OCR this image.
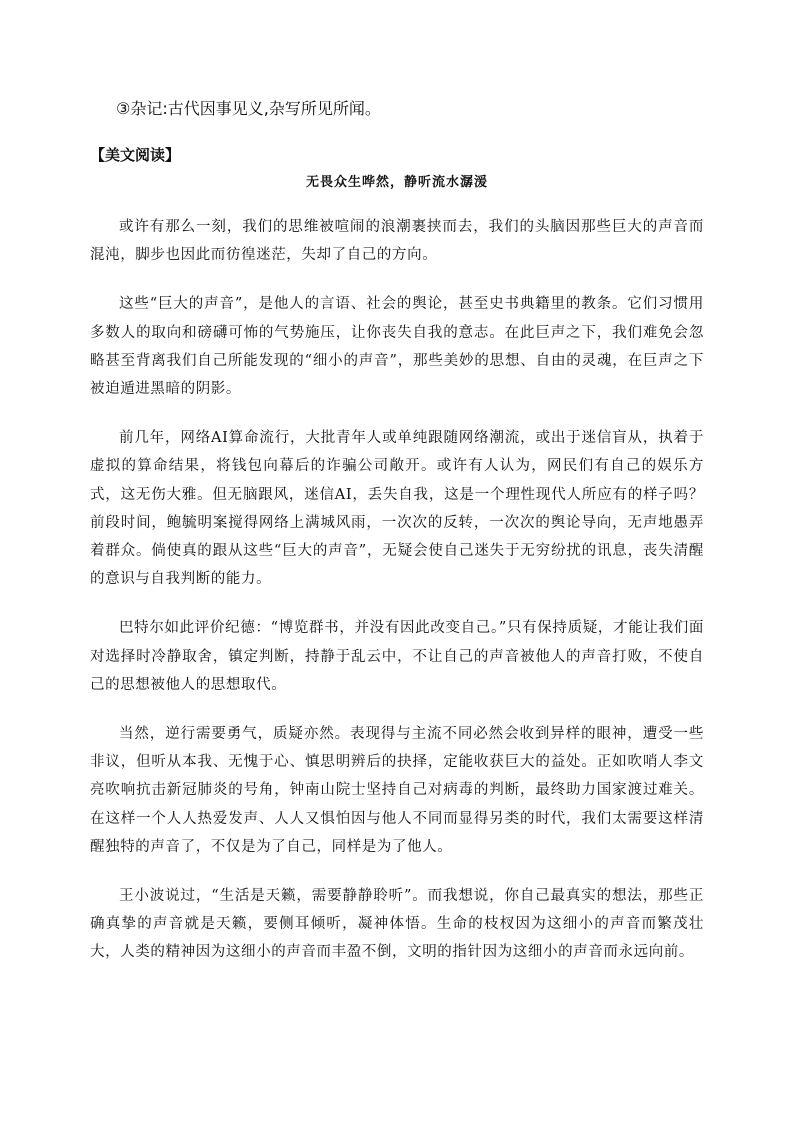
③杂记:古代因事见义,杂写所见所闻。
【美文阅读】
无畏众生哗然，静听流水潺湲

或许有那么一刻，我们的思维被喧闹的浪潮裹挟而去，我们的头脑因那些巨大的声音而混沌，脚步也因此而彷徨迷茫，失却了自己的方向。

这些“巨大的声音”，是他人的言语、社会的舆论，甚至史书典籍里的教条。它们习惯用多数人的取向和磅礴可怖的气势施压，让你丧失自我的意志。在此巨声之下，我们难免会忽略甚至背离我们自己所能发现的“细小的声音”，那些美妙的思想、自由的灵魂，在巨声之下被迫遁进黑暗的阴影。

前几年，网络AI算命流行，大批青年人或单纯跟随网络潮流，或出于迷信盲从，执着于虚拟的算命结果，将钱包向幕后的诈骗公司敞开。或许有人认为，网民们有自己的娱乐方式，这无伤大雅。但无脑跟风，迷信AI，丢失自我，这是一个理性现代人所应有的样子吗？前段时间，鲍毓明案搅得网络上满城风雨，一次次的反转，一次次的舆论导向，无声地愚弄着群众。倘使真的跟从这些“巨大的声音”，无疑会使自己迷失于无穷纷扰的讯息，丧失清醒的意识与自我判断的能力。

巴特尔如此评价纪德：“博览群书，并没有因此改变自己。”只有保持质疑，才能让我们面对选择时冷静取舍，镇定判断，持静于乱云中，不让自己的声音被他人的声音打败，不使自己的思想被他人的思想取代。

当然，逆行需要勇气，质疑亦然。表现得与主流不同必然会收到异样的眼神，遭受一些非议，但听从本我、无愧于心、慎思明辨后的抉择，定能收获巨大的益处。正如吹哨人李文亮吹响抗击新冠肺炎的号角，钟南山院士坚持自己对病毒的判断，最终助力国家渡过难关。在这样一个人人热爱发声、人人又惧怕因与他人不同而显得另类的时代，我们太需要这样清醒独特的声音了，不仅是为了自己，同样是为了他人。

王小波说过，“生活是天籁，需要静静聆听”。而我想说，你自己最真实的想法，那些正确真挚的声音就是天籁，要侧耳倾听，凝神体悟。生命的枝杈因为这细小的声音而繁茂壮大，人类的精神因为这细小的声音而丰盈不倒，文明的指针因为这细小的声音而永远向前。
